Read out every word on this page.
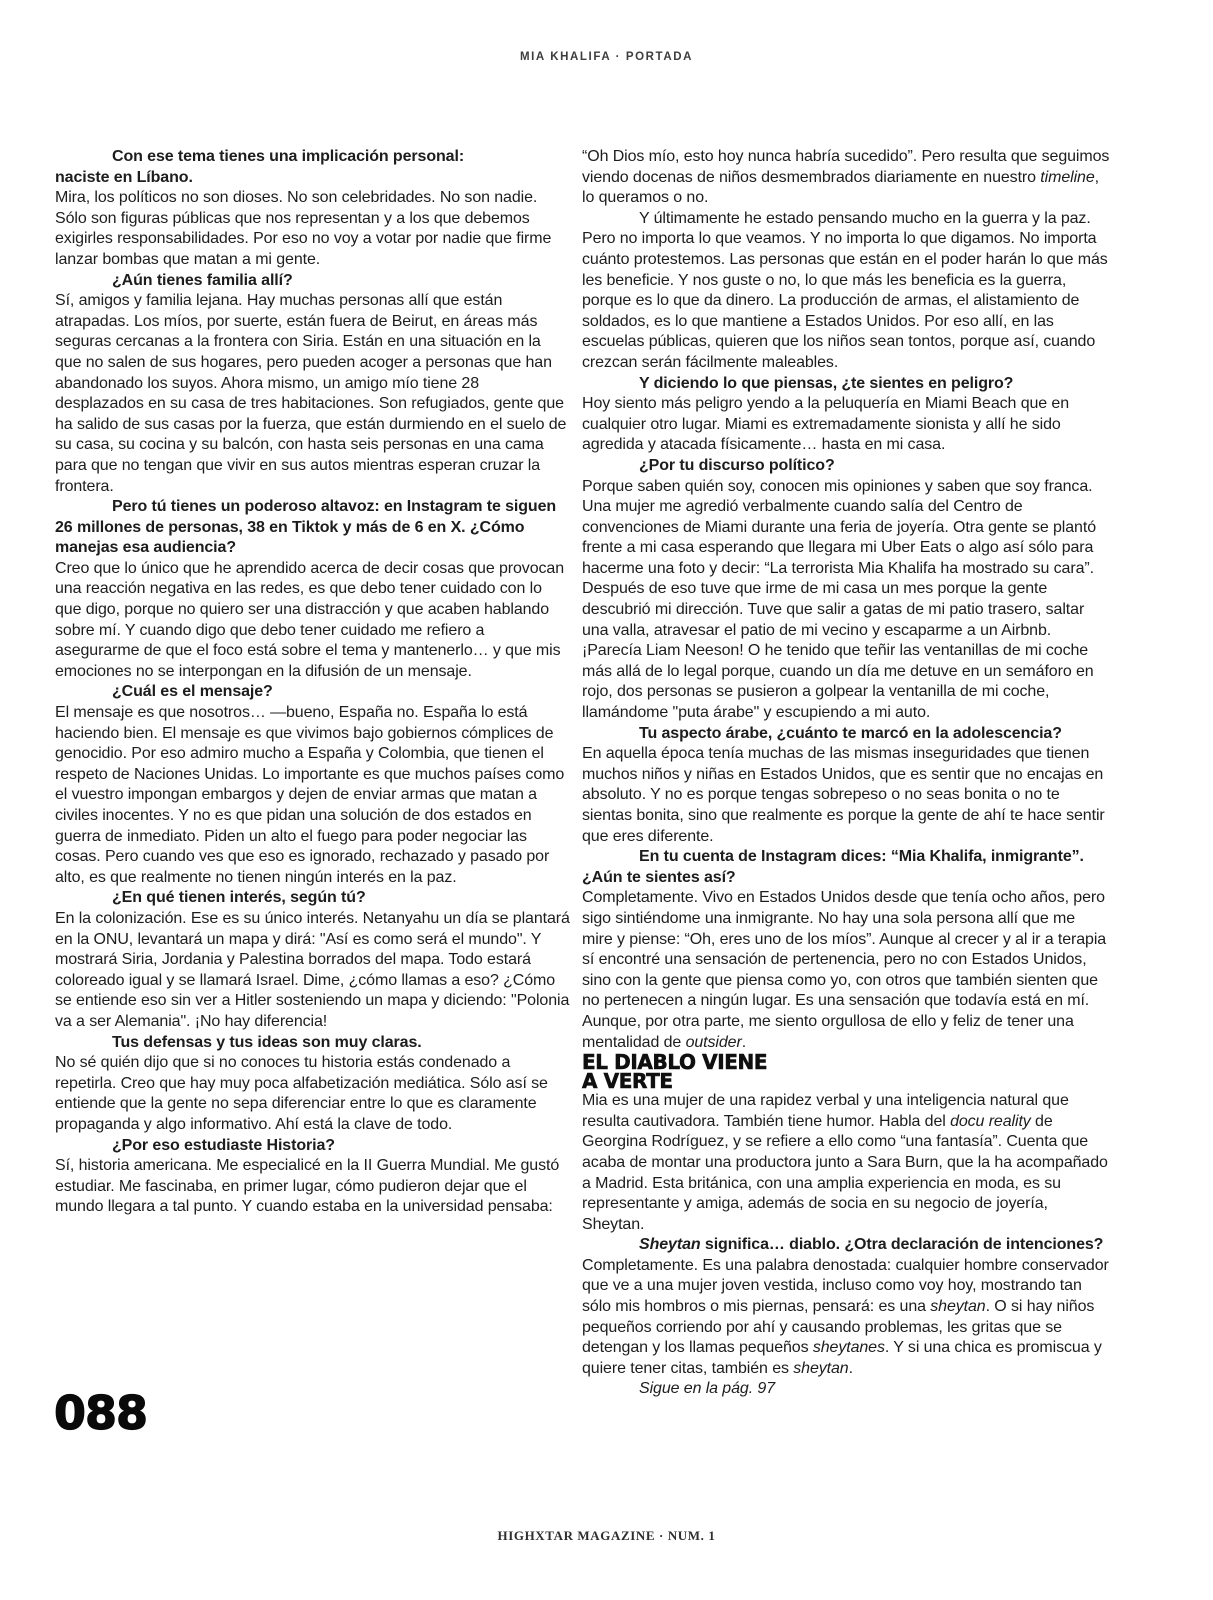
MIA KHALIFA · PORTADA

Con ese tema tienes una implicación personal:
naciste en Líbano.

Mira, los políticos no son dioses. No son celebridades. No son nadie. Sólo son figuras públicas que nos representan y a los que debemos exigirles responsabilidades. Por eso no voy a votar por nadie que firme lanzar bombas que matan a mi gente.

¿Aún tienes familia allí?

Sí, amigos y familia lejana. Hay muchas personas allí que están atrapadas. Los míos, por suerte, están fuera de Beirut, en áreas más seguras cercanas a la frontera con Siria. Están en una situación en la que no salen de sus hogares, pero pueden acoger a personas que han abandonado los suyos. Ahora mismo, un amigo mío tiene 28 desplazados en su casa de tres habitaciones. Son refugiados, gente que ha salido de sus casas por la fuerza, que están durmiendo en el suelo de su casa, su cocina y su balcón, con hasta seis personas en una cama para que no tengan que vivir en sus autos mientras esperan cruzar la frontera.

Pero tú tienes un poderoso altavoz: en Instagram te siguen 26 millones de personas, 38 en Tiktok y más de 6 en X. ¿Cómo manejas esa audiencia?

Creo que lo único que he aprendido acerca de decir cosas que provocan una reacción negativa en las redes, es que debo tener cuidado con lo que digo, porque no quiero ser una distracción y que acaben hablando sobre mí. Y cuando digo que debo tener cuidado me refiero a asegurarme de que el foco está sobre el tema y mantenerlo… y que mis emociones no se interpongan en la difusión de un mensaje.

¿Cuál es el mensaje?

El mensaje es que nosotros… —bueno, España no. España lo está haciendo bien. El mensaje es que vivimos bajo gobiernos cómplices de genocidio. Por eso admiro mucho a España y Colombia, que tienen el respeto de Naciones Unidas. Lo importante es que muchos países como el vuestro impongan embargos y dejen de enviar armas que matan a civiles inocentes. Y no es que pidan una solución de dos estados en guerra de inmediato. Piden un alto el fuego para poder negociar las cosas. Pero cuando ves que eso es ignorado, rechazado y pasado por alto, es que realmente no tienen ningún interés en la paz.

¿En qué tienen interés, según tú?

En la colonización. Ese es su único interés. Netanyahu un día se plantará en la ONU, levantará un mapa y dirá: "Así es como será el mundo". Y mostrará Siria, Jordania y Palestina borrados del mapa. Todo estará coloreado igual y se llamará Israel. Dime, ¿cómo llamas a eso? ¿Cómo se entiende eso sin ver a Hitler sosteniendo un mapa y diciendo: "Polonia va a ser Alemania". ¡No hay diferencia!

Tus defensas y tus ideas son muy claras.

No sé quién dijo que si no conoces tu historia estás condenado a repetirla. Creo que hay muy poca alfabetización mediática. Sólo así se entiende que la gente no sepa diferenciar entre lo que es claramente propaganda y algo informativo. Ahí está la clave de todo.

¿Por eso estudiaste Historia?

Sí, historia americana. Me especialicé en la II Guerra Mundial. Me gustó estudiar. Me fascinaba, en primer lugar, cómo pudieron dejar que el mundo llegara a tal punto. Y cuando estaba en la universidad pensaba:

“Oh Dios mío, esto hoy nunca habría sucedido”. Pero resulta que seguimos viendo docenas de niños desmembrados diariamente en nuestro timeline, lo queramos o no.

Y últimamente he estado pensando mucho en la guerra y la paz. Pero no importa lo que veamos. Y no importa lo que digamos. No importa cuánto protestemos. Las personas que están en el poder harán lo que más les beneficie. Y nos guste o no, lo que más les beneficia es la guerra, porque es lo que da dinero. La producción de armas, el alistamiento de soldados, es lo que mantiene a Estados Unidos. Por eso allí, en las escuelas públicas, quieren que los niños sean tontos, porque así, cuando crezcan serán fácilmente maleables.

Y diciendo lo que piensas, ¿te sientes en peligro?

Hoy siento más peligro yendo a la peluquería en Miami Beach que en cualquier otro lugar. Miami es extremadamente sionista y allí he sido agredida y atacada físicamente… hasta en mi casa.

¿Por tu discurso político?

Porque saben quién soy, conocen mis opiniones y saben que soy franca. Una mujer me agredió verbalmente cuando salía del Centro de convenciones de Miami durante una feria de joyería. Otra gente se plantó frente a mi casa esperando que llegara mi Uber Eats o algo así sólo para hacerme una foto y decir: “La terrorista Mia Khalifa ha mostrado su cara”. Después de eso tuve que irme de mi casa un mes porque la gente descubrió mi dirección. Tuve que salir a gatas de mi patio trasero, saltar una valla, atravesar el patio de mi vecino y escaparme a un Airbnb. ¡Parecía Liam Neeson! O he tenido que teñir las ventanillas de mi coche más allá de lo legal porque, cuando un día me detuve en un semáforo en rojo, dos personas se pusieron a golpear la ventanilla de mi coche, llamándome "puta árabe" y escupiendo a mi auto.

Tu aspecto árabe, ¿cuánto te marcó en la adolescencia?

En aquella época tenía muchas de las mismas inseguridades que tienen muchos niños y niñas en Estados Unidos, que es sentir que no encajas en absoluto. Y no es porque tengas sobrepeso o no seas bonita o no te sientas bonita, sino que realmente es porque la gente de ahí te hace sentir que eres diferente.

En tu cuenta de Instagram dices: “Mia Khalifa, inmigrante”. ¿Aún te sientes así?

Completamente. Vivo en Estados Unidos desde que tenía ocho años, pero sigo sintiéndome una inmigrante. No hay una sola persona allí que me mire y piense: “Oh, eres uno de los míos”. Aunque al crecer y al ir a terapia sí encontré una sensación de pertenencia, pero no con Estados Unidos, sino con la gente que piensa como yo, con otros que también sienten que no pertenecen a ningún lugar. Es una sensación que todavía está en mí. Aunque, por otra parte, me siento orgullosa de ello y feliz de tener una mentalidad de outsider.

EL DIABLO VIENE
A VERTE

Mia es una mujer de una rapidez verbal y una inteligencia natural que resulta cautivadora. También tiene humor. Habla del docu reality de Georgina Rodríguez, y se refiere a ello como “una fantasía”. Cuenta que acaba de montar una productora junto a Sara Burn, que la ha acompañado a Madrid. Esta británica, con una amplia experiencia en moda, es su representante y amiga, además de socia en su negocio de joyería, Sheytan.

Sheytan significa… diablo. ¿Otra declaración de intenciones?

Completamente. Es una palabra denostada: cualquier hombre conservador que ve a una mujer joven vestida, incluso como voy hoy, mostrando tan sólo mis hombros o mis piernas, pensará: es una sheytan. O si hay niños pequeños corriendo por ahí y causando problemas, les gritas que se detengan y los llamas pequeños sheytanes. Y si una chica es promiscua y quiere tener citas, también es sheytan.

Sigue en la pág. 97

088
HIGHXTAR MAGAZINE · NUM. 1
